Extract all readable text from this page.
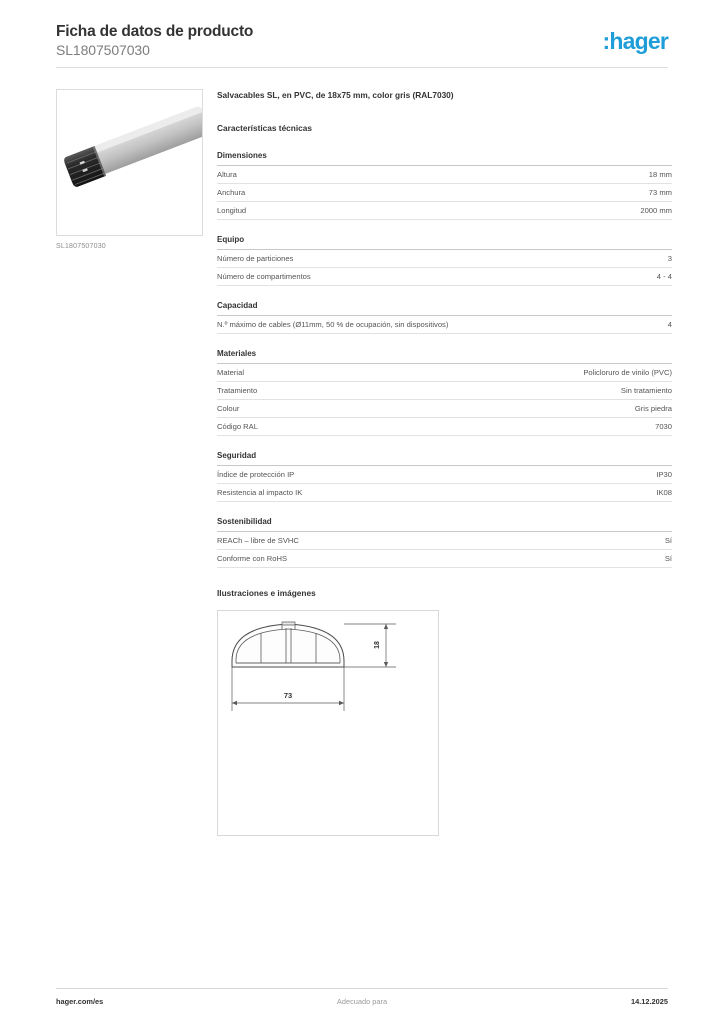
Ficha de datos de producto
SL1807507030	:hager
SL1807507030
Salvacables SL, en PVC, de 18x75 mm, color gris (RAL7030)
Características técnicas
Dimensiones
Altura	18 mm
Anchura	73 mm
Longitud	2000 mm
Equipo
Número de particiones	3
Número de compartimentos	4 - 4
Capacidad
N.º máximo de cables (Ø11mm, 50 % de ocupación, sin dispositivos)	4
Materiales
Material	Policloruro de vinilo (PVC)
Tratamiento	Sin tratamiento
Colour	Gris piedra
Código RAL	7030
Seguridad
Índice de protección IP	IP30
Resistencia al impacto IK	IK08
Sostenibilidad
REACh – libre de SVHC	Sí
Conforme con RoHS	Sí
Ilustraciones e imágenes
18
73
hager.com/es	Adecuado para	14.12.2025
